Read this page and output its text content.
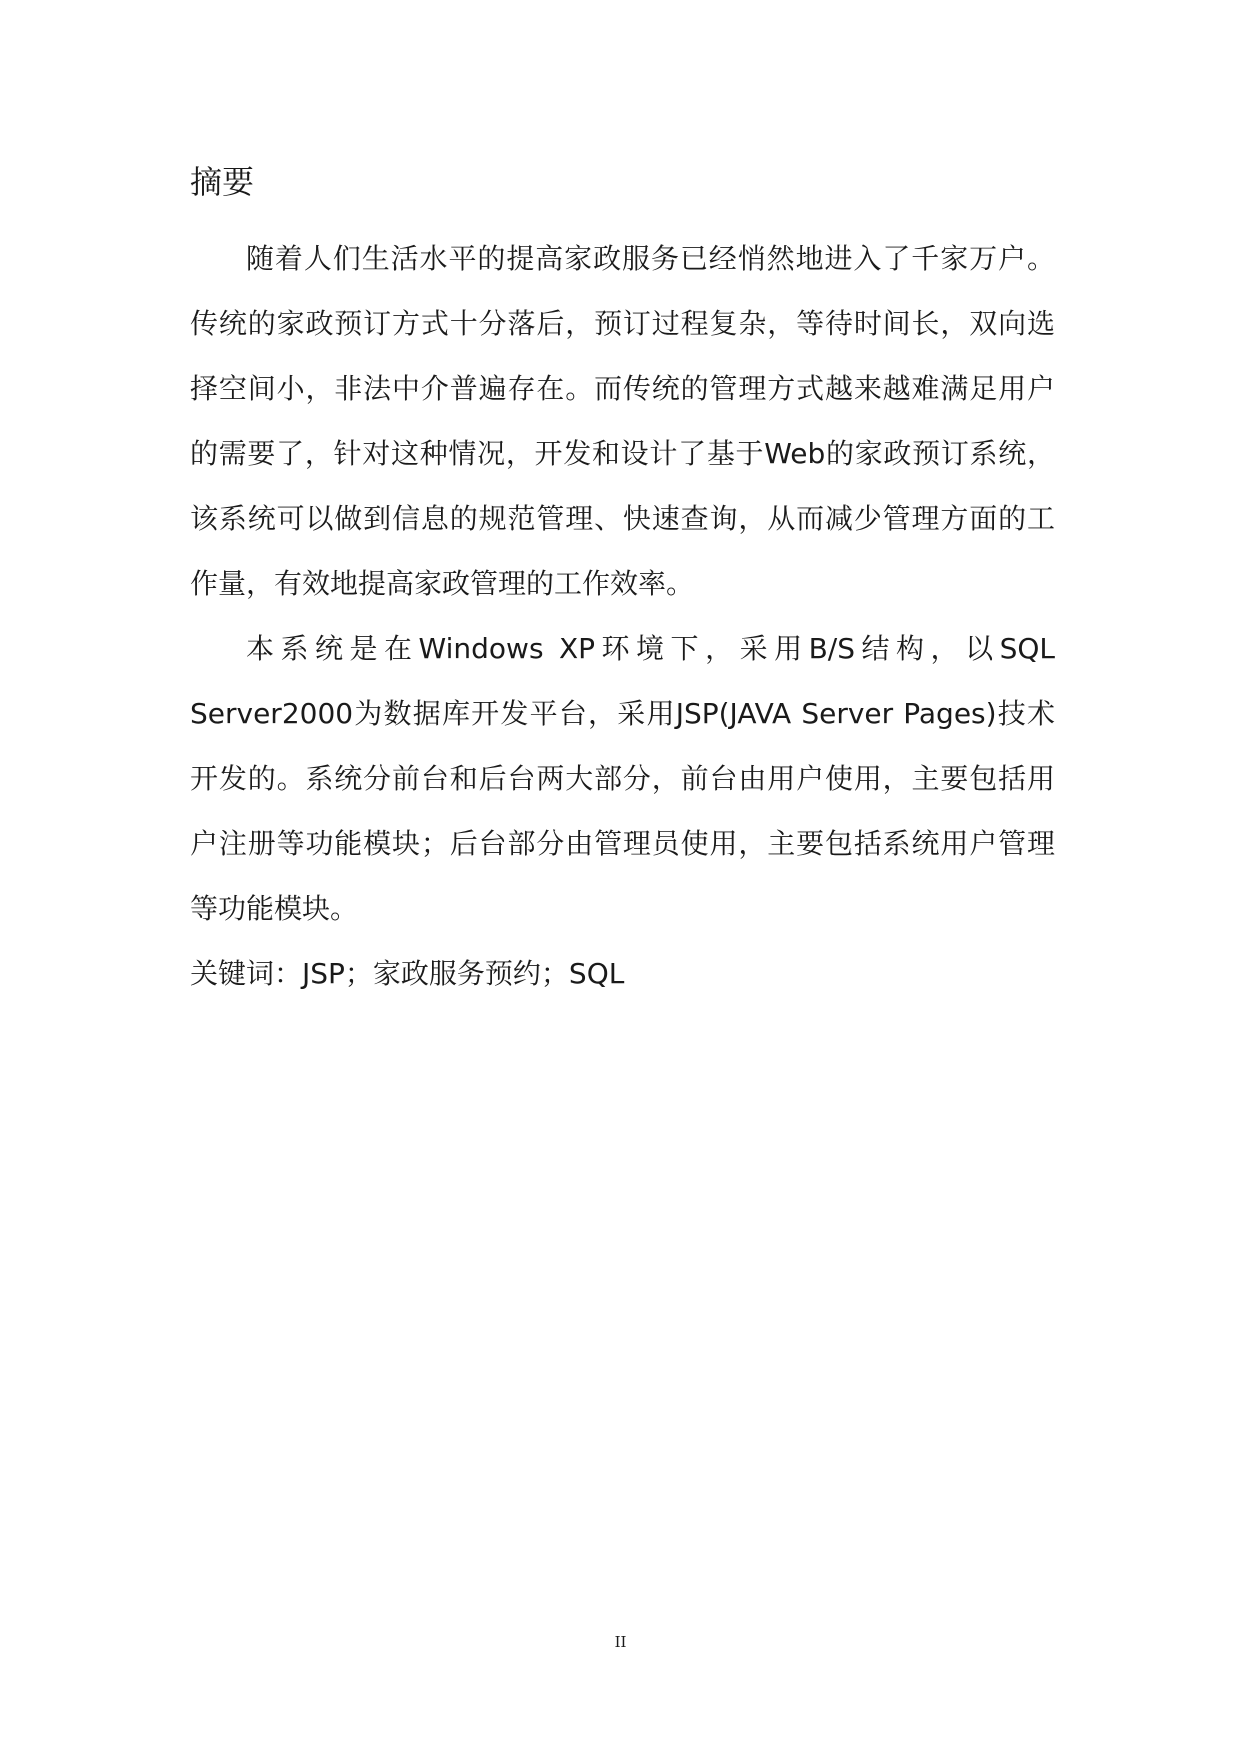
摘要

随着人们生活水平的提高家政服务已经悄然地进入了千家万户。传统的家政预订方式十分落后，预订过程复杂，等待时间长，双向选择空间小，非法中介普遍存在。而传统的管理方式越来越难满足用户的需要了，针对这种情况，开发和设计了基于Web的家政预订系统，该系统可以做到信息的规范管理、快速查询，从而减少管理方面的工作量，有效地提高家政管理的工作效率。

本系统是在Windows XP环境下，采用B/S结构，以SQL Server2000为数据库开发平台，采用JSP(JAVA Server Pages)技术开发的。系统分前台和后台两大部分，前台由用户使用，主要包括用户注册等功能模块；后台部分由管理员使用，主要包括系统用户管理等功能模块。

关键词：JSP；家政服务预约；SQL

II
